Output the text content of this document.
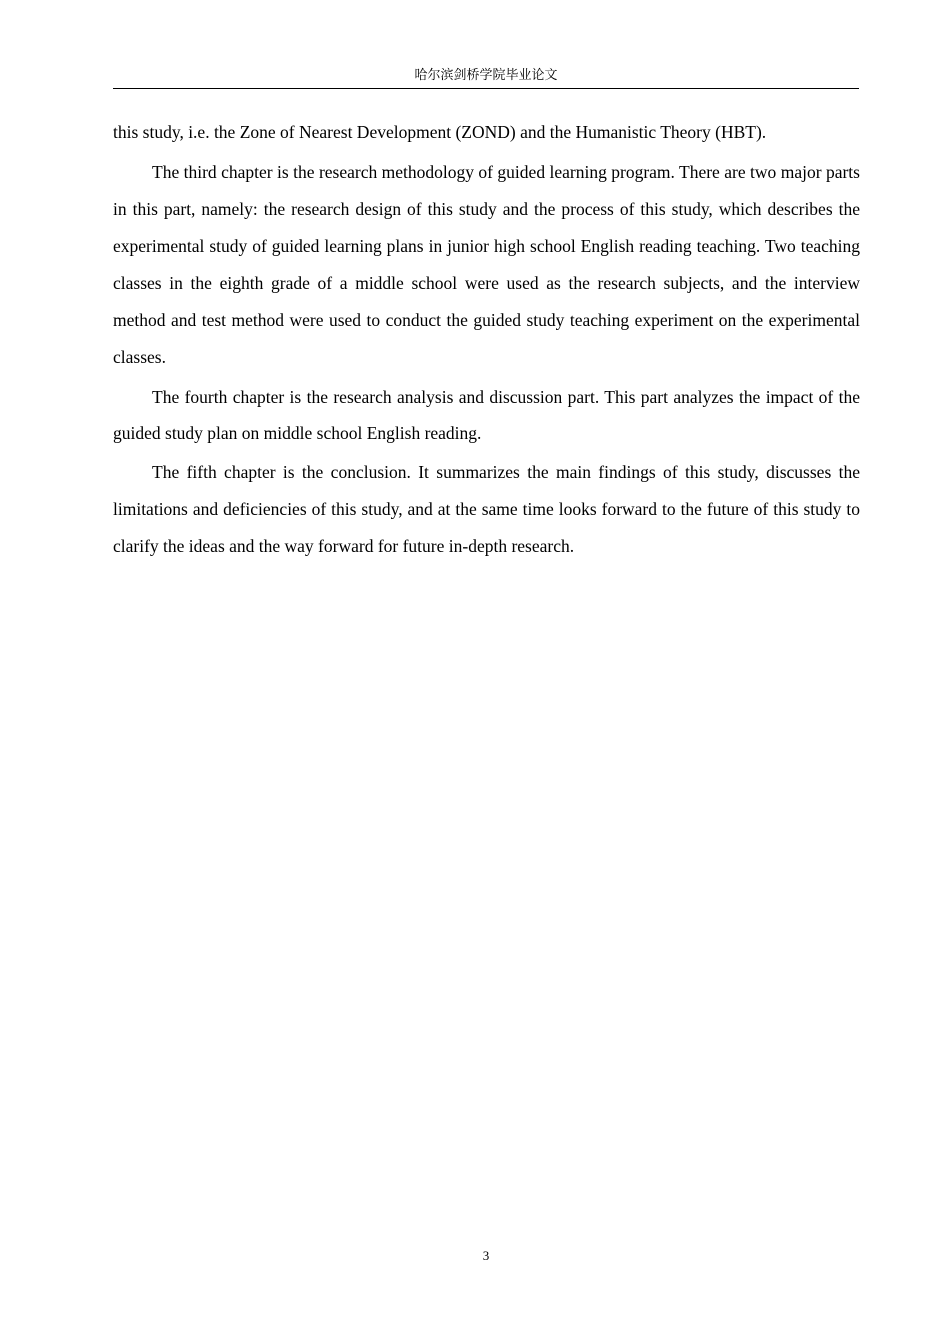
哈尔滨剑桥学院毕业论文

this study, i.e. the Zone of Nearest Development (ZOND) and the Humanistic Theory (HBT).

The third chapter is the research methodology of guided learning program. There are two major parts in this part, namely: the research design of this study and the process of this study, which describes the experimental study of guided learning plans in junior high school English reading teaching. Two teaching classes in the eighth grade of a middle school were used as the research subjects, and the interview method and test method were used to conduct the guided study teaching experiment on the experimental classes.

The fourth chapter is the research analysis and discussion part. This part analyzes the impact of the guided study plan on middle school English reading.

The fifth chapter is the conclusion. It summarizes the main findings of this study, discusses the limitations and deficiencies of this study, and at the same time looks forward to the future of this study to clarify the ideas and the way forward for future in-depth research.

3
